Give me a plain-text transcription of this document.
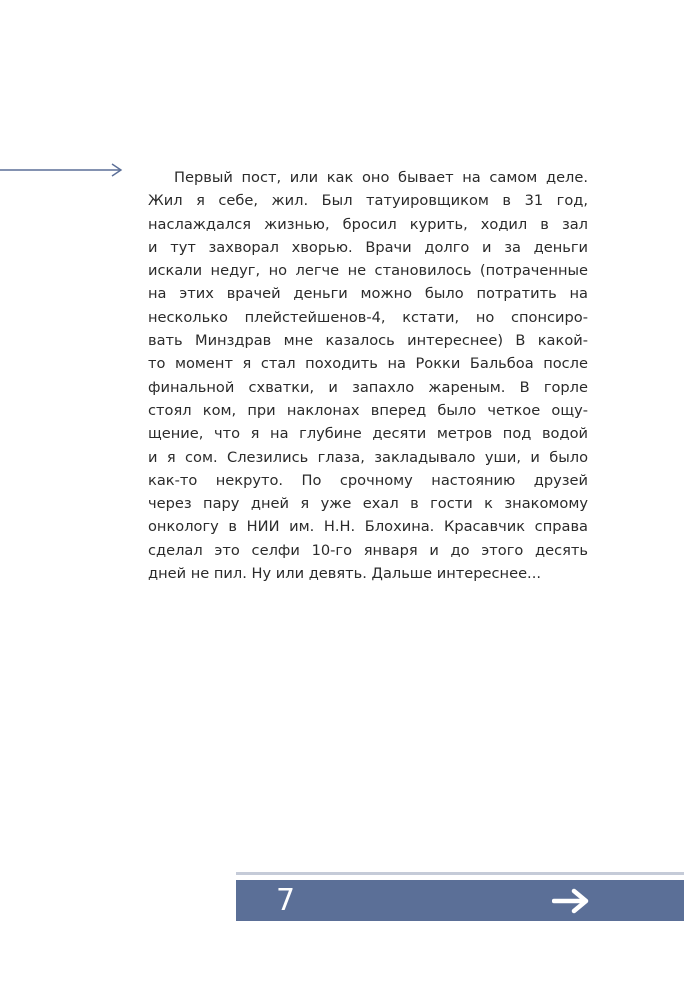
Первый пост, или как оно бывает на самом деле.
Жил я себе, жил. Был татуировщиком в 31 год,
наслаждался жизнью, бросил курить, ходил в зал
и тут захворал хворью. Врачи долго и за деньги
искали недуг, но легче не становилось (потраченные
на этих врачей деньги можно было потратить на
несколько плейстейшенов-4, кстати, но спонсиро-
вать Минздрав мне казалось интереснее) В какой-
то момент я стал походить на Рокки Бальбоа после
финальной схватки, и запахло жареным. В горле
стоял ком, при наклонах вперед было четкое ощу-
щение, что я на глубине десяти метров под водой
и я сом. Слезились глаза, закладывало уши, и было
как-то некруто. По срочному настоянию друзей
через пару дней я уже ехал в гости к знакомому
онкологу в НИИ им. Н.Н. Блохина. Красавчик справа
сделал это селфи 10-го января и до этого десять
дней не пил. Ну или девять. Дальше интереснее...
7
